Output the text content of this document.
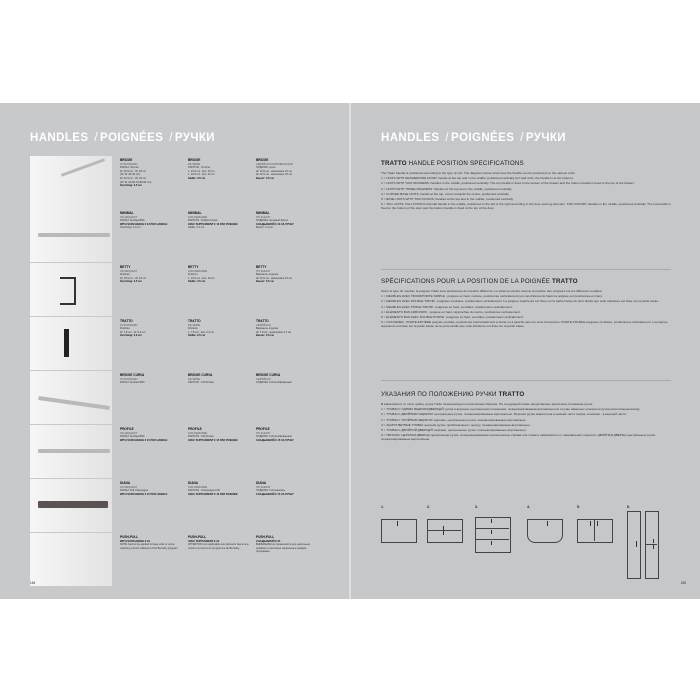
HANDLES / POIGNÉES / РУЧКИ
BRIDGE
IN STANDARD
FINISH: chrome
W. 16.9 cm - W. 18 cm
(for W. 20-35 cm)
W. 32.9 cm - W. 32 cm
(for W. 25-60-70-80-90 cm)
Overhang: 3.5 cm
BRIDGE
DE SÉRIE
FINITION : chromé
L. 16.9 cm - Ent. 16 cm
L. 32.9 cm - Ent. 32 cm
Saillie: 3.5 cm
BRIDGE
СЕРИЙНАЯ КОМПЛЕКТАЦИЯ
ОТДЕЛКА: хром
Ш. 16.9 см - межосевое 16 см
Ш. 32.9 см - межосевое 32 см
Вылет: 3.5 см
MINIMAL
ON REQUEST
FINISH: brushed Brill
WITH SURCHARGE € 13 PER HANDLE
Overhang: 2.4 cm
MINIMAL
SUR DEMANDE
FINITION : brillant brossé
AVEC SUPPLÉMENT € 13 PAR POIGNÉE
Saillie: 2.4 cm
MINIMAL
ПО ЗАКАЗУ
ОТДЕЛКА: матовый брилл
СНАДБАВКОЙ € 13 ЗА РУЧКУ
Вылет: 2.4 см
BETTY
ON REQUEST
Finishes
W. 16.9 cm - W. 16 cm
Overhang: 3.5 cm
BETTY
SUR DEMANDE
Finitions
L. 16.9 cm - Ent. 16 cm
Saillie: 3.5 cm
BETTY
ПО ЗАКАЗУ
Варианты отделки
Ш. 16.9 см - межосевое 16 см
Вылет: 3.5 см
TRATTO
IN STANDARD
Finishes
W. 7.8 cm - W. 6.4 cm
Overhang: 2.6 cm
TRATTO
DE SÉRIE
Finitions
L. 7.8 cm - Ent. 6.4 cm
Saillie: 2.6 cm
TRATTO
СЕРИЙНАЯ
Варианты отделки
Ш. 7.8 см - межосевое 6.4 см
Вылет: 2.6 см
BRIDGE CURVA
IN STANDARD
FINISH: brushed Brill
BRIDGE CURVA
DE SÉRIE
FINITION : brill brossé
BRIDGE CURVA
СЕРИЙНАЯ
ОТДЕЛКА: brill шлифованный
PROFILE
ON REQUEST
FINISH: brushed Brill
WITH SURCHARGE € 15 PER HANDLE
PROFILE
SUR DEMANDE
FINITION : brill brossé
AVEC SUPPLÉMENT € 15 PAR POIGNÉE
PROFILE
ПО ЗАКАЗУ
ОТДЕЛКА: brill шлифованный
СНАДБАВКОЙ € 15 ЗА РУЧКУ
DIANA
ON REQUEST
FINISH: brill champagne
WITH SURCHARGE € 15 PER HANDLE
DIANA
SUR DEMANDE
FINITION : champagne brill
AVEC SUPPLÉMENT € 15 PAR POIGNÉE
DIANA
ПО ЗАКАЗУ
ОТДЕЛКА: brill шампань
СНАДБАВКОЙ € 15 ЗА РУЧКУ
PUSH-PULL
WITH SURCHARGE € 24
NOTE Cannot be applied to base units or some matching mirrors cabinets of the Burnaby program.
PUSH-PULL
AVEC SUPPLÉMENT € 24
ATTENTION non applicable aux éléments bas et aux miroirs communs du programme de Burnaby.
PUSH-PULL
СНАДБАВКОЙ € 24
ВНИМАНИЕ Не применяется для напольных шкафов и некоторых зеркальных шкафов программы.
184
HANDLES / POIGNÉES / РУЧКИ
TRATTO HANDLE POSITION SPECIFICATIONS

The Tratto handle is positioned according to the type of unit. The diagrams below show how the handle can be positioned on the various units:

1 > UNITS WITH DRAWER/ONE DOOR: handle at the top and in the middle, positioned vertically (for wall units, the handle is at the bottom).

2 > UNITS WITH TWO DRAWERS: handles in the middle, positioned vertically. The top handle is fixed to the bottom of the drawer and the bottom handle is fixed to the top of the drawer.

3 > UNITS WITH THREE DRAWERS: handles at the top and in the middle, positioned vertically.

4 > CURVED BASE UNITS: handle at the top, corner towards the centre, positioned vertically.

5 > BASE UNITS WITH TWO DOORS: handles at the top and in the middle, positioned vertically.

6 > TALL UNITS: FULL DOOR horizontal handle in the middle, positioned to the left or the right according to the door opening direction. TWO DOORS: handles in the middle, positioned vertically. The top handle is fixed to the bottom of the door and the bottom handle is fixed to the top of the door.

SPÉCIFICATIONS POUR LA POSITION DE LA POIGNÉE TRATTO

Selon le type de meuble, la poignée Tratto sera positionnée de manière différente. Le schéma suivant résume la position des poignées sur les différents meubles.

1 > MEUBLES AVEC TIROIR/PORTE SIMPLE : poignée en haut, centrée, positionnée verticalement (en cas d'éléments hauts la poignée est positionnée en bas).

2 > MEUBLES AVEC DOUBLE TIROIR : poignées centrales, positionnées verticalement. La poignée supérieure est fixée sur la partie basse du tiroir tandis que celle inférieure est fixée sur la partie haute.

3 > MEUBLES AVEC TRIPLE TIROIR : poignées en haut, centrales, positionnées verticalement.

4 > ÉLÉMENTS BAS ARRONDIS : poignée en haut, rapprochée du centre, positionnée verticalement.

5 > ÉLÉMENTS BAS AVEC DOUBLE PORTE : poignées en haut, centrales, positionnées verticalement.

6 > COLONNES : PORTE ENTIÈRE poignée centrale, positionnée horizontalement à droite ou à gauche selon le sens d'ouverture. PORTE DOUBLE poignées centrales, positionnées verticalement. La poignée supérieure est fixée sur la partie basse de la porte tandis que celle inférieure est fixée sur la partie haute.

УКАЗАНИЯ ПО ПОЛОЖЕНИЮ РУЧКИ TRATTO

В зависимости от типа тумбы, ручка Tratto позиционируется различным образом. На следующей схеме представлено различное положение ручек.

1 > ТУМБЫ С ОДНИМ ЯЩИКОМ/ДВЕРЦЕЙ: ручка в верхнем, центральном положении, позиционированная вертикально (в случае навесных элементов ручка расположена внизу).

2 > ТУМБЫ С ДВОЙНЫМ ЯЩИКОМ: центральные ручки, позиционированные вертикально. Верхняя ручка закреплена в нижней части ящика, а нижняя - в верхней части.

3 > ТУМБЫ С ТРОЙНЫМ ЯЩИКОМ: верхние, центральные ручки, позиционированные вертикально.

4 > ЗАКРУГЛЕННЫЕ ТУМБЫ: верхняя ручка, приближенная к центру, позиционированная вертикально.

5 > ТУМБЫ С ДВОЙНОЙ ДВЕРЦЕЙ: верхние, центральные ручки, позиционированные вертикально.

6 > ПЕНАЛЫ: ЦЕЛЬНАЯ ДВЕРЦА центральная ручка, позиционированная горизонтально справа или слева в зависимости от направления открытия. ДВОЙНАЯ ДВЕРЦА центральные ручки, позиционированные вертикально.

1.	2.	3.	4.	5.	6.
185
